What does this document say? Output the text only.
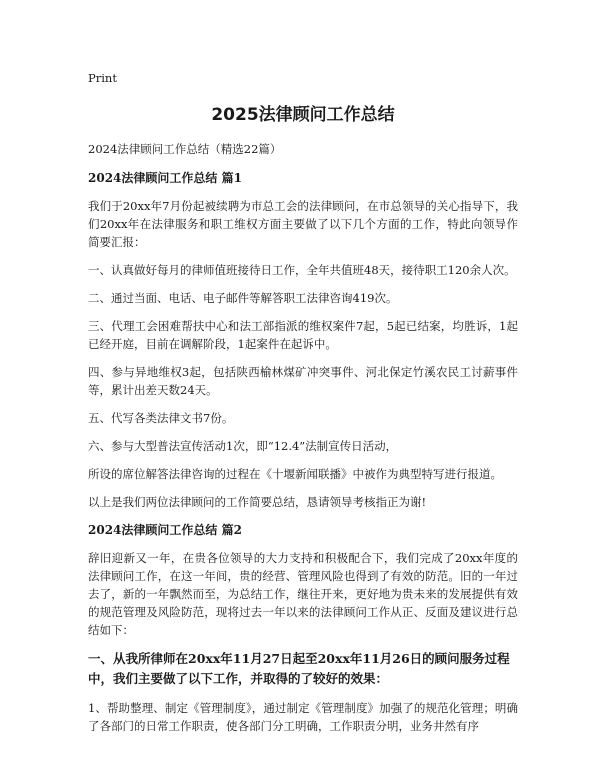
Print
2025法律顾问工作总结
2024法律顾问工作总结（精选22篇）
2024法律顾问工作总结 篇1
我们于20xx年7月份起被续聘为市总工会的法律顾问，在市总领导的关心指导下，我们20xx年在法律服务和职工维权方面主要做了以下几个方面的工作，特此向领导作简要汇报：
一、认真做好每月的律师值班接待日工作，全年共值班48天，接待职工120余人次。
二、通过当面、电话、电子邮件等解答职工法律咨询419次。
三、代理工会困难帮扶中心和法工部指派的维权案件7起，5起已结案，均胜诉，1起已经开庭，目前在调解阶段，1起案件在起诉中。
四、参与异地维权3起，包括陕西榆林煤矿冲突事件、河北保定竹溪农民工讨薪事件等，累计出差天数24天。
五、代写各类法律文书7份。
六、参与大型普法宣传活动1次，即“12.4”法制宣传日活动，
所设的席位解答法律咨询的过程在《十堰新闻联播》中被作为典型特写进行报道。
以上是我们两位法律顾问的工作简要总结，恳请领导考核指正为谢!
2024法律顾问工作总结 篇2
辞旧迎新又一年，在贵各位领导的大力支持和积极配合下，我们完成了20xx年度的法律顾问工作，在这一年间，贵的经营、管理风险也得到了有效的防范。旧的一年过去了，新的一年飘然而至，为总结工作，继往开来，更好地为贵未来的发展提供有效的规范管理及风险防范，现将过去一年以来的法律顾问工作从正、反面及建议进行总结如下：
一、从我所律师在20xx年11月27日起至20xx年11月26日的顾问服务过程中，我们主要做了以下工作，并取得的了较好的效果：
1、帮助整理、制定《管理制度》，通过制定《管理制度》加强了的规范化管理；明确了各部门的日常工作职责，使各部门分工明确，工作职责分明，业务井然有序
